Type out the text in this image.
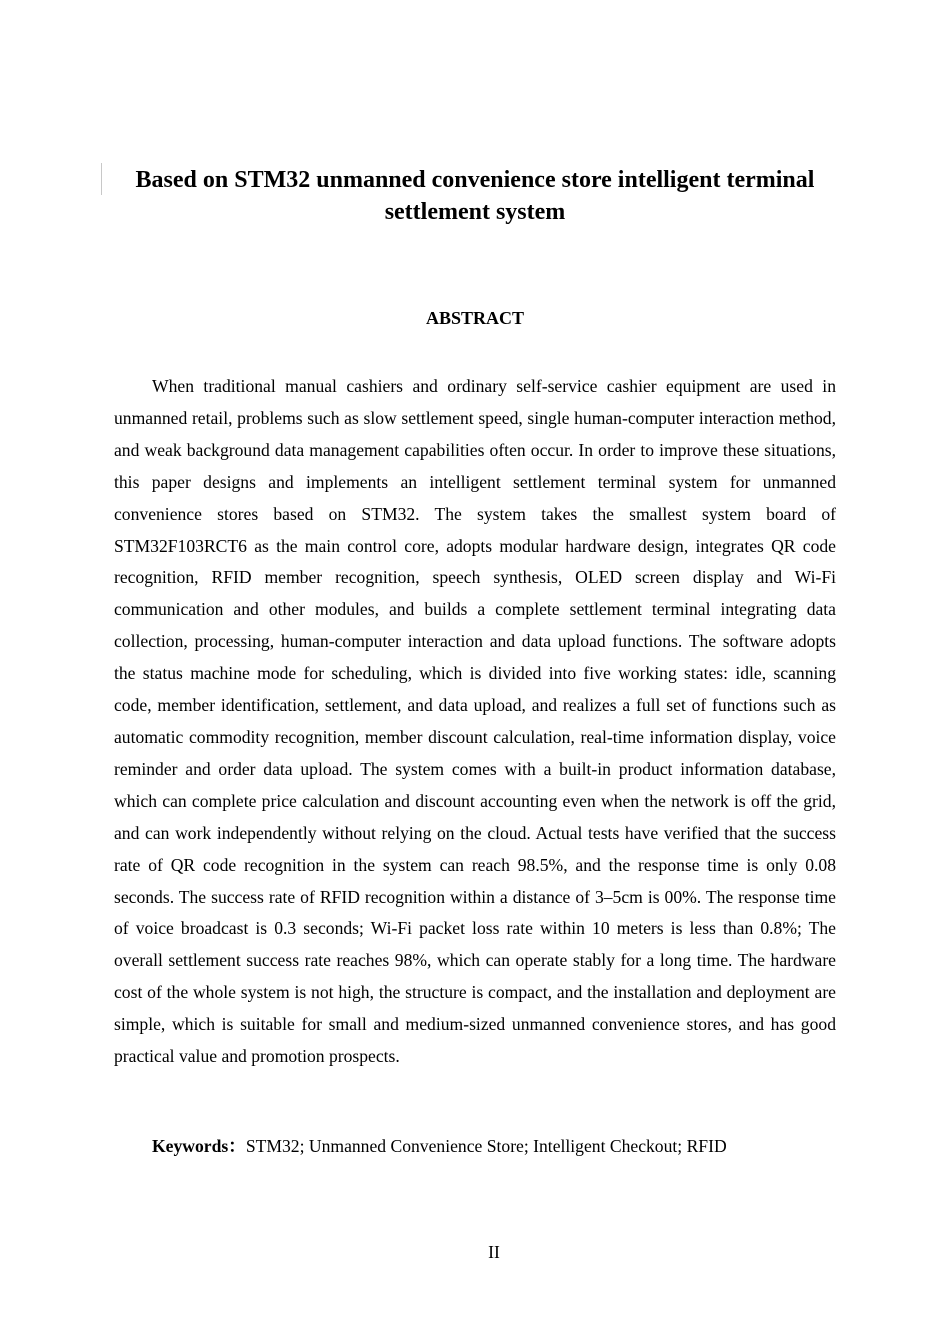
Based on STM32 unmanned convenience store intelligent terminal settlement system
ABSTRACT

When traditional manual cashiers and ordinary self-service cashier equipment are used in unmanned retail, problems such as slow settlement speed, single human-computer interaction method, and weak background data management capabilities often occur. In order to improve these situations, this paper designs and implements an intelligent settlement terminal system for unmanned convenience stores based on STM32. The system takes the smallest system board of STM32F103RCT6 as the main control core, adopts modular hardware design, integrates QR code recognition, RFID member recognition, speech synthesis, OLED screen display and Wi-Fi communication and other modules, and builds a complete settlement terminal integrating data collection, processing, human-computer interaction and data upload functions. The software adopts the status machine mode for scheduling, which is divided into five working states: idle, scanning code, member identification, settlement, and data upload, and realizes a full set of functions such as automatic commodity recognition, member discount calculation, real-time information display, voice reminder and order data upload. The system comes with a built-in product information database, which can complete price calculation and discount accounting even when the network is off the grid, and can work independently without relying on the cloud. Actual tests have verified that the success rate of QR code recognition in the system can reach 98.5%, and the response time is only 0.08 seconds. The success rate of RFID recognition within a distance of 3–5cm is 00%. The response time of voice broadcast is 0.3 seconds; Wi-Fi packet loss rate within 10 meters is less than 0.8%; The overall settlement success rate reaches 98%, which can operate stably for a long time. The hardware cost of the whole system is not high, the structure is compact, and the installation and deployment are simple, which is suitable for small and medium-sized unmanned convenience stores, and has good practical value and promotion prospects.

Keywords：STM32; Unmanned Convenience Store; Intelligent Checkout; RFID
II
